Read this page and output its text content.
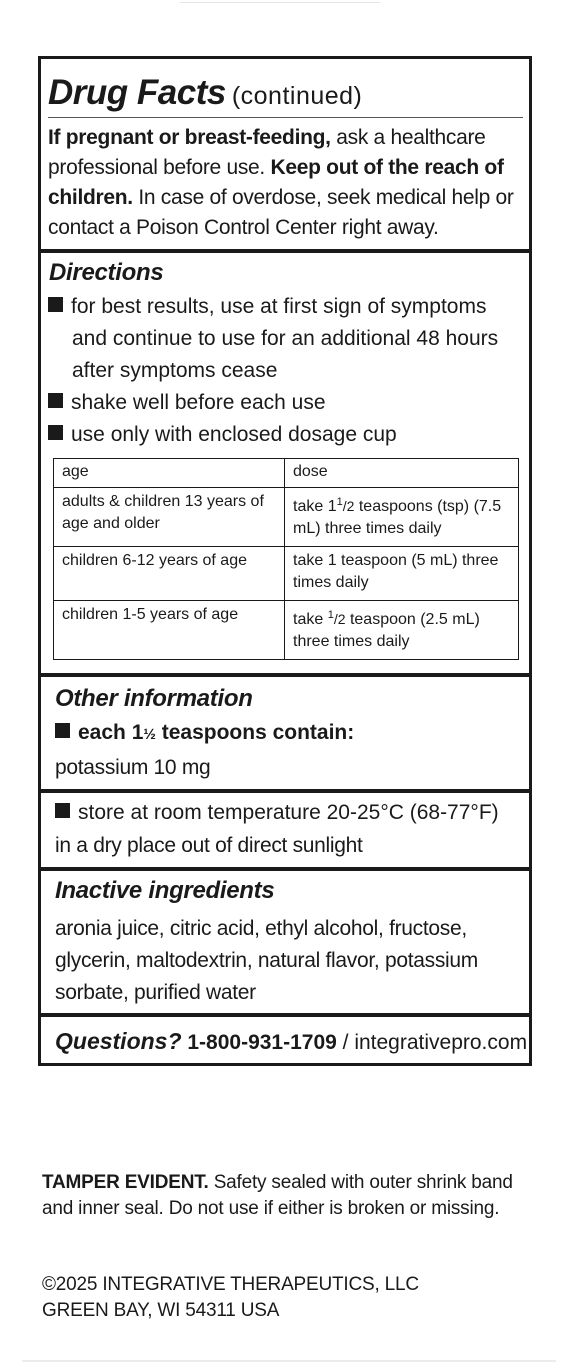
Drug Facts (continued)
If pregnant or breast-feeding, ask a healthcare professional before use. Keep out of the reach of children. In case of overdose, seek medical help or contact a Poison Control Center right away.
Directions
for best results, use at first sign of symptoms
and continue to use for an additional 48 hours
after symptoms cease
shake well before each use
use only with enclosed dosage cup
age	dose
adults & children 13 years of age and older	take $1^1/2$ teaspoons (tsp) (7.5 mL) three times daily
children 6-12 years of age	take 1 teaspoon (5 mL) three times daily
children 1-5 years of age	take $^1$/2 teaspoon (2.5 mL) three times daily
Other information
each 1½ teaspoons contain:
potassium 10 mg
store at room temperature 20-25°C (68-77°F)
in a dry place out of direct sunlight
Inactive ingredients
aronia juice, citric acid, ethyl alcohol, fructose,
glycerin, maltodextrin, natural flavor, potassium
sorbate, purified water
Questions? 1-800-931-1709 / integrativepro.com
TAMPER EVIDENT. Safety sealed with outer shrink band and inner seal. Do not use if either is broken or missing.
©2025 INTEGRATIVE THERAPEUTICS, LLC
GREEN BAY, WI 54311 USA
